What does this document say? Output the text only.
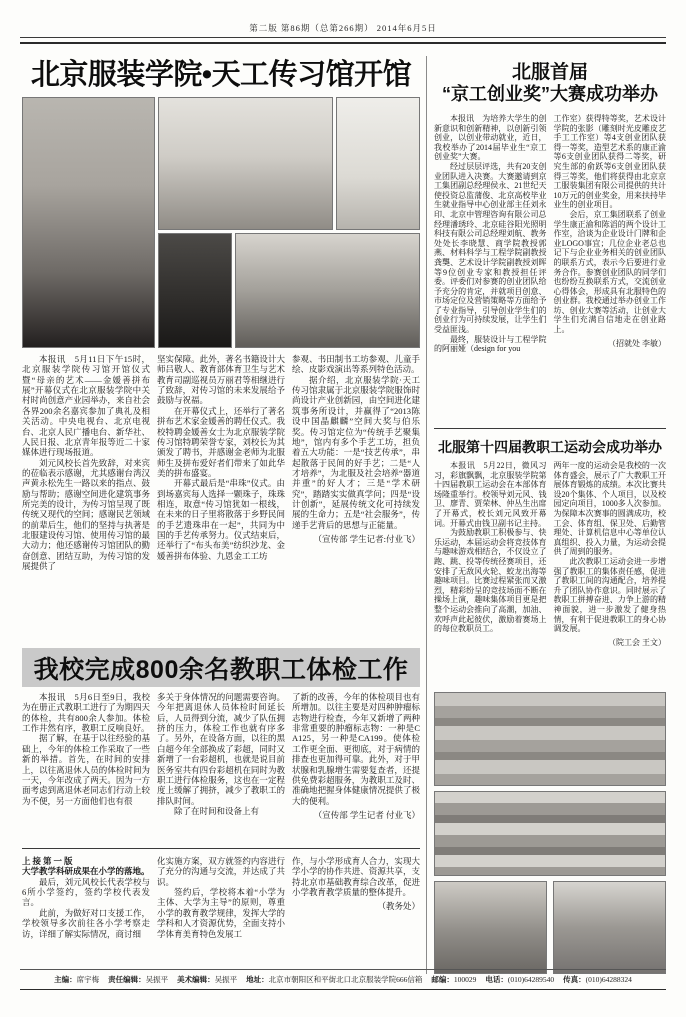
第二版 第86期（总第266期） 2014年6月5日
北京服装学院•天工传习馆开馆

本报讯　5月11日下午15时，北京服装学院传习馆开馆仪式暨“母亲的艺术——金媛善拼布展”开幕仪式在北京服装学院中关村时尚创意产业园举办，来自社会各界200余名嘉宾参加了典礼及相关活动。中央电视台、北京电视台、北京人民广播电台、新华社、人民日报、北京青年报等近二十家媒体进行现场报道。

刘元风校长首先致辞，对来宾的莅临表示感谢，尤其感谢台湾汉声黄永松先生一路以来的指点、鼓励与帮助；感谢空间进化建筑事务所完美的设计，为传习馆呈现了既传统又现代的空间；感谢民艺领域的前辈后生，他们的坚持与执著是北服建设传习馆、使用传习馆的最大动力；他还感谢传习馆团队的勤奋创意、团结互助，为传习馆的发展提供了

坚实保障。此外，著名书籍设计大师吕敬人、教育部体育卫生与艺术教育司副巡视员万丽君等相继进行了致辞，对传习馆的未来发展给予鼓励与祝福。

在开幕仪式上，还举行了著名拼布艺术家金媛善的聘任仪式。我校特聘金媛善女士为北京服装学院传习馆特聘荣誉专家，刘校长为其颁发了聘书，并感谢金老师为北服师生及拼布爱好者们带来了如此华美的拼布盛宴。

开幕式最后是“串珠”仪式。由到场嘉宾每人选择一颗珠子，珠珠相连，取意“传习馆犹如一根线，在未来的日子里将散落于乡野民间的手艺遗珠串在一起”，共同为中国的手艺传承努力。仪式结束后，还举行了“布头布美”纺织沙龙、金媛善拼布体验、九恩金工工坊

参观、书田制书工坊参观、儿童手绘、皮影戏演出等系列特色活动。

据介绍，北京服装学院·天工传习馆隶属于北京服装学院服饰时尚设计产业创新园，由空间进化建筑事务所设计，并赢得了“2013陈设中国晶麒麟”空间大奖与伯乐奖。传习馆定位为“传统手艺聚集地”，馆内有多个手艺工坊，担负着五大功能：一是“技艺传承”，串起散落于民间的好手艺；二是“人才培养”，为北服及社会培养“器道并重”的好人才；三是“学术研究”，踏踏实实做真学问；四是“设计创新”，延展传统文化可持续发展的生命力；五是“社会服务”，传递手艺背后的思想与正能量。

（宣传部 学生记者:付业飞）

我校完成800余名教职工体检工作

本报讯　5月6日至9日，我校为在册正式教职工进行了为期四天的体检，共有800余人参加。体检工作井然有序，教职工反响良好。

据了解，在基于以往经验的基础上，今年的体检工作采取了一些新的举措。首先，在时间的安排上，以往离退休人员的体检时间为一天，今年改成了两天。因为一方面考虑到离退休老同志们行动上较为不便，另一方面他们也有很

多关于身体情况的问题需要咨询。今年把离退休人员体检时间延长后，人员得到分流，减少了队伍拥挤的压力，体检工作也就有序多了。另外，在设备方面，以往的黑白超今年全部换成了彩超，同时又新增了一台彩超机，也就是说目前医务室共有四台彩超机在同时为教职工进行体检服务，这也在一定程度上缓解了拥挤，减少了教职工的排队时间。

除了在时间和设备上有

了新的改善，今年的体检项目也有所增加。以往主要是对四种肿瘤标志物进行检查，今年又新增了两种非常重要的肿瘤标志物：一种是CA125，另一种是CA199。使体检工作更全面、更彻底，对于病情的排查也更加得可靠。此外，对于甲状腺和乳腺增生需要复查者，还提供免费彩超服务，为教职工及时、准确地把握身体健康情况提供了极大的便利。

（宣传部 学生记者 付业飞）

上接第一版

大学教学科研成果在小学的落地。

最后，刘元风校长代表学校与6所小学签约，签约学校代表发言。

此前，为做好对口支援工作，学校领导多次前往各小学考察走访，详细了解实际情况，商讨细

化实施方案，双方就签约内容进行了充分的沟通与交流，并达成了共识。

签约后，学校将本着“小学为主体、大学为主导”的原则，尊重小学的教育教学规律，发挥大学的学科和人才资源优势，全面支持小学体育美育特色发展工

作，与小学形成育人合力，实现大学小学的协作共进、资源共享，支持北京市基础教育综合改革，促进小学教育教学质量的整体提升。

（教务处）

北服首届
“京工创业奖”大赛成功举办

本报讯　为培养大学生的创新意识和创新精神，以创新引领创业，以创业带动就业，近日，我校举办了2014届毕业生“京工创业奖”大赛。

经过层层评选，共有20支创业团队进入决赛。大赛邀请到京工集团副总经理侯永、21世纪天使投资总监蒲俊、北京高校毕业生就业指导中心创业部主任刘永印、北京中管理咨询有限公司总经理潘琇玲、北京硅谷阳光照明科技有限公司总经理刘航、教务处处长李晓慧、商学院教授郭燕、材料科学与工程学院副教授龚龑、艺术设计学院副教授刘晖等9位创业专家和教授担任评委。评委们对参赛的创业团队给予充分的肯定，并就项目创意、市场定位及营销策略等方面给予了专业指导，引导创业学生们的创业行为可持续发展，让学生们受益匪浅。

最终，服装设计与工程学院的阿丽娅（design for you

工作室）获得特等奖，艺术设计学院的张影（雕刻时光皮雕皮艺手工工作室）等4支创业团队获得一等奖，造型艺术系的康正渝等6支创业团队获得二等奖，研究生部的俞跃等6支创业团队获得三等奖，他们将获得由北京京工服装集团有限公司提供的共计10万元的创业奖金，用来扶持毕业生的创业项目。

会后，京工集团联系了创业学生康正渝和陈滔的两个设计工作室，洽谈为企业设计门牌和企业LOGO事宜；几位企业老总也记下与企业业务相关的创业团队的联系方式，表示今后要进行业务合作。参赛创业团队的同学们也纷纷互换联系方式，交流创业心得体会，形成具有北服特色的创业群。我校通过举办创业工作坊、创业大赛等活动，让创业大学生们充满自信地走在创业路上。

（招就处 李敏）

北服第十四届教职工运动会成功举办

本报讯　5月22日，微风习习，彩旗飘飘，北京服装学院第十四届教职工运动会在本部体育场隆重举行。校领导刘元风、钱卫、廖青、贾荣林、仲丛生出席了开幕式，校长刘元风致开幕词。开幕式由钱卫副书记主持。

为鼓励教职工积极参与、快乐运动，本届运动会将竞技体育与趣味游戏相结合，不仅设立了跑、跳、投等传统径赛项目，还安排了无敌风火轮、蛟龙出海等趣味项目。比赛过程紧张而又激烈，精彩纷呈的竞技场面不断在操场上演，趣味集体项目更是把整个运动会推向了高潮，加油、欢呼声此起彼伏，激励着赛场上的每位教职员工。

两年一度的运动会是我校的一次体育盛会，展示了广大教职工开展体育锻炼的成绩。本次比赛共设20个集体、个人项目，以及校园定向项目，1000多人次参加。为保障本次赛事的圆满成功，校工会、体育组、保卫处、后勤管理处、计算机信息中心等单位认真组织、投入力量，为运动会提供了周到的服务。

此次教职工运动会进一步增强了教职工的集体责任感，促进了教职工间的沟通配合，培养提升了团队协作意识。同时展示了教职工拼搏奋进、力争上游的精神面貌，进一步激发了健身热情，有利于促进教职工的身心协调发展。

（院工会 王文）

主编：席宇梅 责任编辑：吴振平 美术编辑：吴振平 地址：北京市朝阳区和平街北口北京服装学院666信箱 邮编：100029 电话：(010)64289540 传真：(010)64288324
